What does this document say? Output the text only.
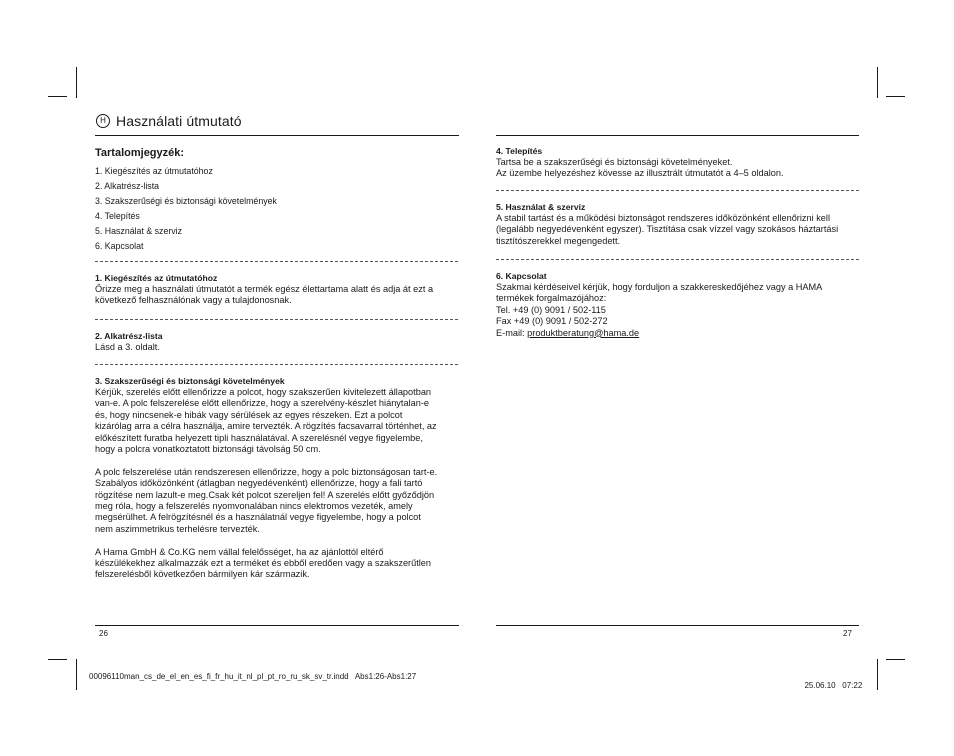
H Használati útmutató
Tartalomjegyzék:
1. Kiegészítés az útmutatóhoz
2. Alkatrész-lista
3. Szakszerűségi és biztonsági követelmények
4. Telepítés
5. Használat & szerviz
6. Kapcsolat

1. Kiegészítés az útmutatóhoz

Őrizze meg a használati útmutatót a termék egész élettartama alatt és adja át ezt a

következő felhasználónak vagy a tulajdonosnak.

2. Alkatrész-lista

Lásd a 3. oldalt.

3. Szakszerűségi és biztonsági követelmények

Kérjük, szerelés előtt ellenőrizze a polcot, hogy szakszerűen kivitelezett állapotban

van-e. A polc felszerelése előtt ellenőrizze, hogy a szerelvény-készlet hiánytalan-e

és, hogy nincsenek-e hibák vagy sérülések az egyes részeken. Ezt a polcot

kizárólag arra a célra használja, amire tervezték. A rögzítés facsavarral történhet, az

előkészített furatba helyezett tipli használatával. A szerelésnél vegye figyelembe,

hogy a polcra vonatkoztatott biztonsági távolság 50 cm.

A polc felszerelése után rendszeresen ellenőrizze, hogy a polc biztonságosan tart-e.

Szabályos időközönként (átlagban negyedévenként) ellenőrizze, hogy a fali tartó

rögzítése nem lazult-e meg.Csak két polcot szereljen fel! A szerelés előtt győződjön

meg róla, hogy a felszerelés nyomvonalában nincs elektromos vezeték, amely

megsérülhet. A felrögzítésnél és a használatnál vegye figyelembe, hogy a polcot

nem aszimmetrikus terhelésre tervezték.

A Hama GmbH & Co.KG nem vállal felelősséget, ha az ajánlottól eltérő

készülékekhez alkalmazzák ezt a terméket és ebből eredően vagy a szakszerűtlen

felszerelésből következően bármilyen kár származik.

4. Telepítés

Tartsa be a szakszerűségi és biztonsági követelményeket.

Az üzembe helyezéshez kövesse az illusztrált útmutatót a 4–5 oldalon.

5. Használat & szerviz

A stabil tartást és a működési biztonságot rendszeres időközönként ellenőrizni kell

(legalább negyedévenként egyszer). Tisztítása csak vízzel vagy szokásos háztartási

tisztítószerekkel megengedett.

6. Kapcsolat

Szakmai kérdéseivel kérjük, hogy forduljon a szakkereskedőjéhez vagy a HAMA

termékek forgalmazójához:

Tel. +49 (0) 9091 / 502-115

Fax +49 (0) 9091 / 502-272

E-mail: produktberatung@hama.de

26	27
00096110man_cs_de_el_en_es_fi_fr_hu_it_nl_pl_pt_ro_ru_sk_sv_tr.indd   Abs1:26-Abs1:27

25.06.10 07:22
